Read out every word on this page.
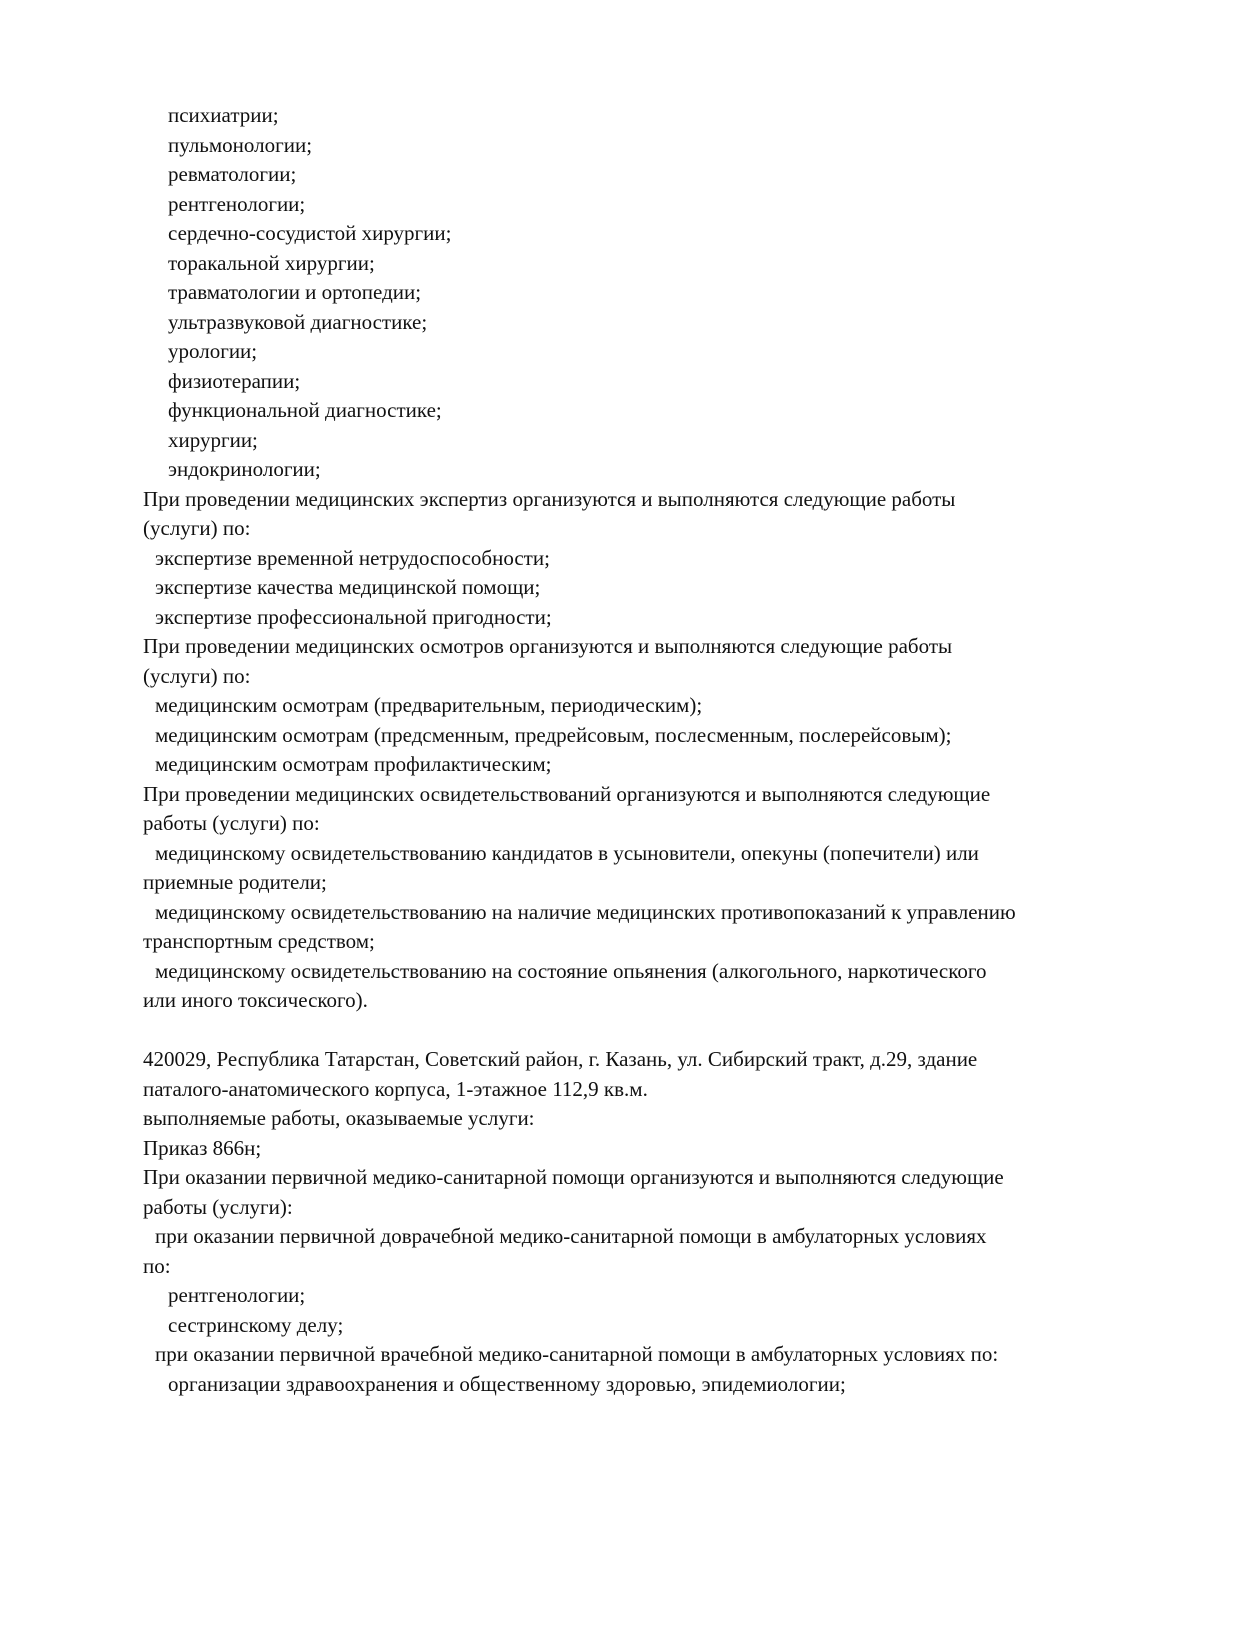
психиатрии;
пульмонологии;
ревматологии;
рентгенологии;
сердечно-сосудистой хирургии;
торакальной хирургии;
травматологии и ортопедии;
ультразвуковой диагностике;
урологии;
физиотерапии;
функциональной диагностике;
хирургии;
эндокринологии;
При проведении медицинских экспертиз организуются и выполняются следующие работы
(услуги) по:
экспертизе временной нетрудоспособности;
экспертизе качества медицинской помощи;
экспертизе профессиональной пригодности;
При проведении медицинских осмотров организуются и выполняются следующие работы
(услуги) по:
медицинским осмотрам (предварительным, периодическим);
медицинским осмотрам (предсменным, предрейсовым, послесменным, послерейсовым);
медицинским осмотрам профилактическим;
При проведении медицинских освидетельствований организуются и выполняются следующие
работы (услуги) по:
медицинскому освидетельствованию кандидатов в усыновители, опекуны (попечители) или
приемные родители;
медицинскому освидетельствованию на наличие медицинских противопоказаний к управлению
транспортным средством;
медицинскому освидетельствованию на состояние опьянения (алкогольного, наркотического
или иного токсического).
420029, Республика Татарстан, Советский район, г. Казань, ул. Сибирский тракт, д.29, здание
паталого-анатомического корпуса, 1-этажное 112,9 кв.м.
выполняемые работы, оказываемые услуги:
Приказ 866н;
При оказании первичной медико-санитарной помощи организуются и выполняются следующие
работы (услуги):
при оказании первичной доврачебной медико-санитарной помощи в амбулаторных условиях
по:
рентгенологии;
сестринскому делу;
при оказании первичной врачебной медико-санитарной помощи в амбулаторных условиях по:
организации здравоохранения и общественному здоровью, эпидемиологии;
